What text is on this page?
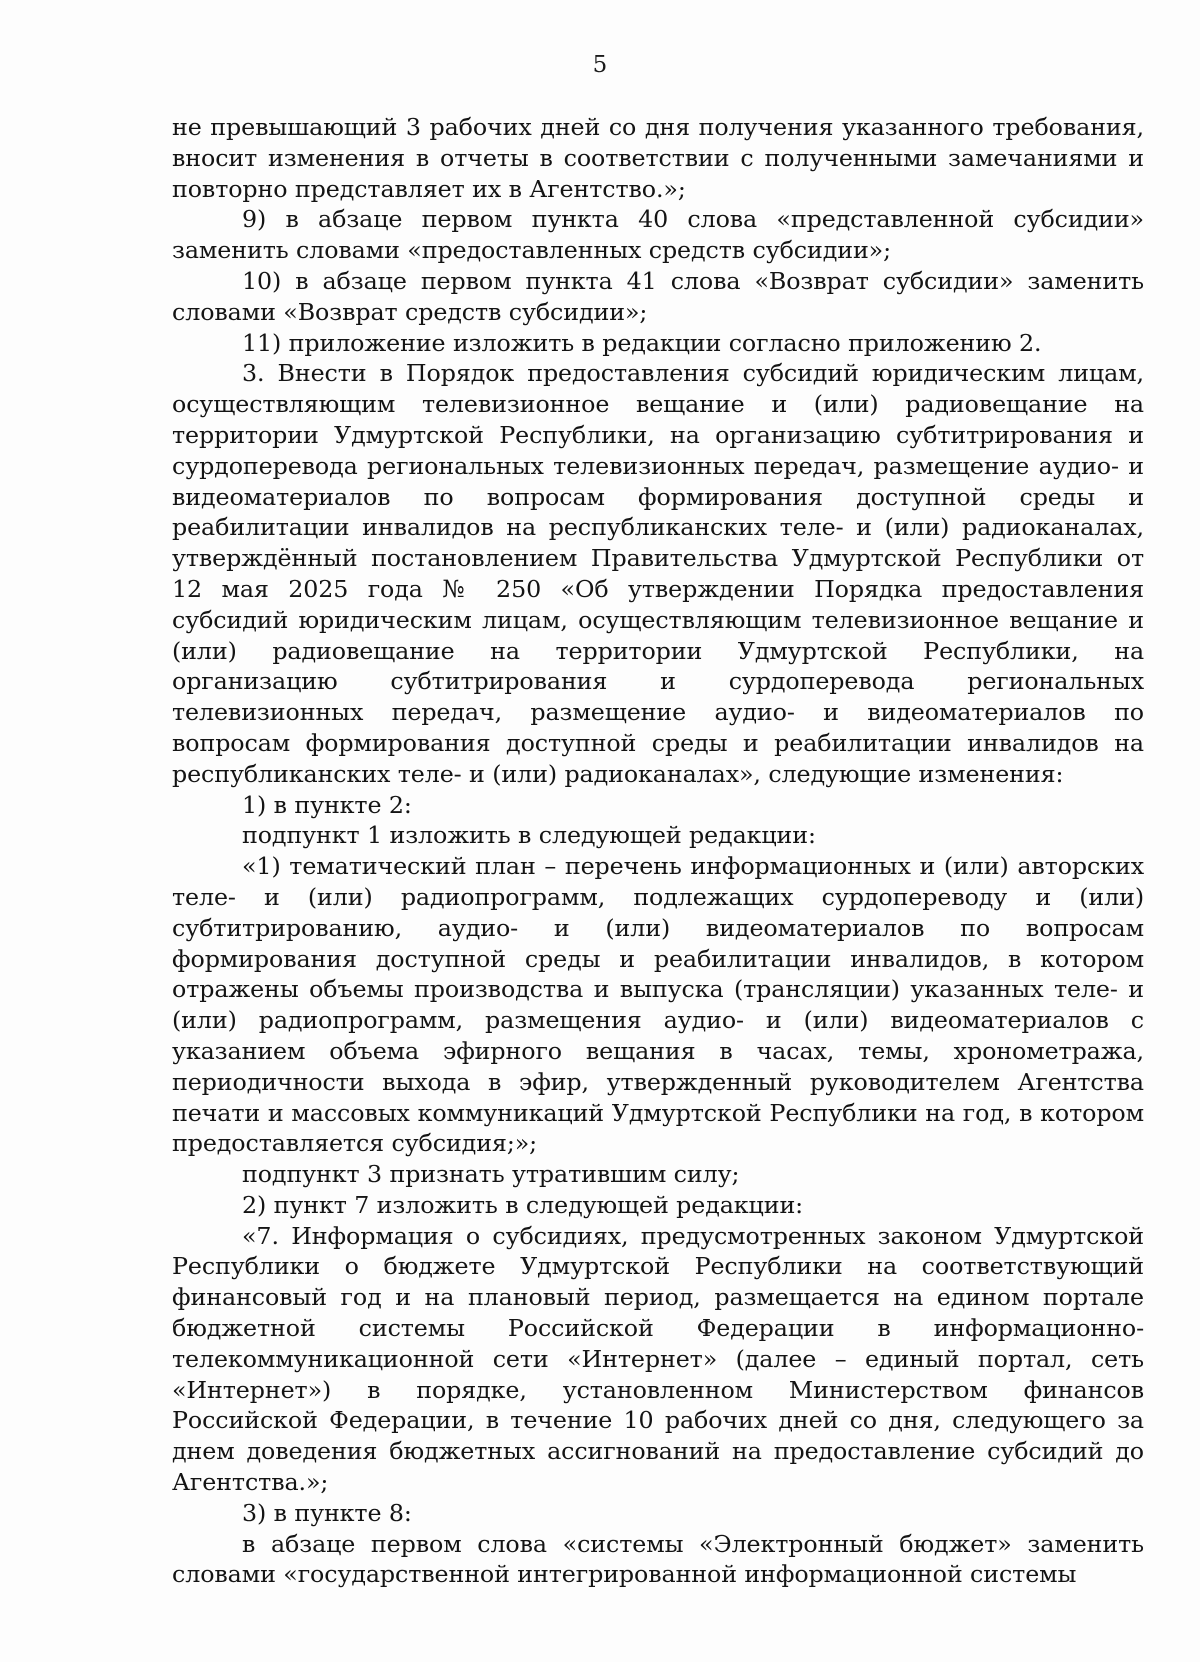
5

не превышающий 3 рабочих дней со дня получения указанного требования, вносит изменения в отчеты в соответствии с полученными замечаниями и повторно представляет их в Агентство.»;

9) в абзаце первом пункта 40 слова «представленной субсидии» заменить словами «предоставленных средств субсидии»;

10) в абзаце первом пункта 41 слова «Возврат субсидии» заменить словами «Возврат средств субсидии»;

11) приложение изложить в редакции согласно приложению 2.

3. Внести в Порядок предоставления субсидий юридическим лицам, осуществляющим телевизионное вещание и (или) радиовещание на территории Удмуртской Республики, на организацию субтитрирования и сурдоперевода региональных телевизионных передач, размещение аудио- и видеоматериалов по вопросам формирования доступной среды и реабилитации инвалидов на республиканских теле- и (или) радиоканалах, утверждённый постановлением Правительства Удмуртской Республики от 12 мая 2025 года № 250 «Об утверждении Порядка предоставления субсидий юридическим лицам, осуществляющим телевизионное вещание и (или) радиовещание на территории Удмуртской Республики, на организацию субтитрирования и сурдоперевода региональных телевизионных передач, размещение аудио- и видеоматериалов по вопросам формирования доступной среды и реабилитации инвалидов на республиканских теле- и (или) радиоканалах», следующие изменения:

1) в пункте 2:

подпункт 1 изложить в следующей редакции:

«1) тематический план – перечень информационных и (или) авторских теле- и (или) радиопрограмм, подлежащих сурдопереводу и (или) субтитрированию, аудио- и (или) видеоматериалов по вопросам формирования доступной среды и реабилитации инвалидов, в котором отражены объемы производства и выпуска (трансляции) указанных теле- и (или) радиопрограмм, размещения аудио- и (или) видеоматериалов с указанием объема эфирного вещания в часах, темы, хронометража, периодичности выхода в эфир, утвержденный руководителем Агентства печати и массовых коммуникаций Удмуртской Республики на год, в котором предоставляется субсидия;»;

подпункт 3 признать утратившим силу;

2) пункт 7 изложить в следующей редакции:

«7. Информация о субсидиях, предусмотренных законом Удмуртской Республики о бюджете Удмуртской Республики на соответствующий финансовый год и на плановый период, размещается на едином портале бюджетной системы Российской Федерации в информационно-телекоммуникационной сети «Интернет» (далее – единый портал, сеть «Интернет») в порядке, установленном Министерством финансов Российской Федерации, в течение 10 рабочих дней со дня, следующего за днем доведения бюджетных ассигнований на предоставление субсидий до Агентства.»;

3) в пункте 8:

в абзаце первом слова «системы «Электронный бюджет» заменить словами «государственной интегрированной информационной системы
